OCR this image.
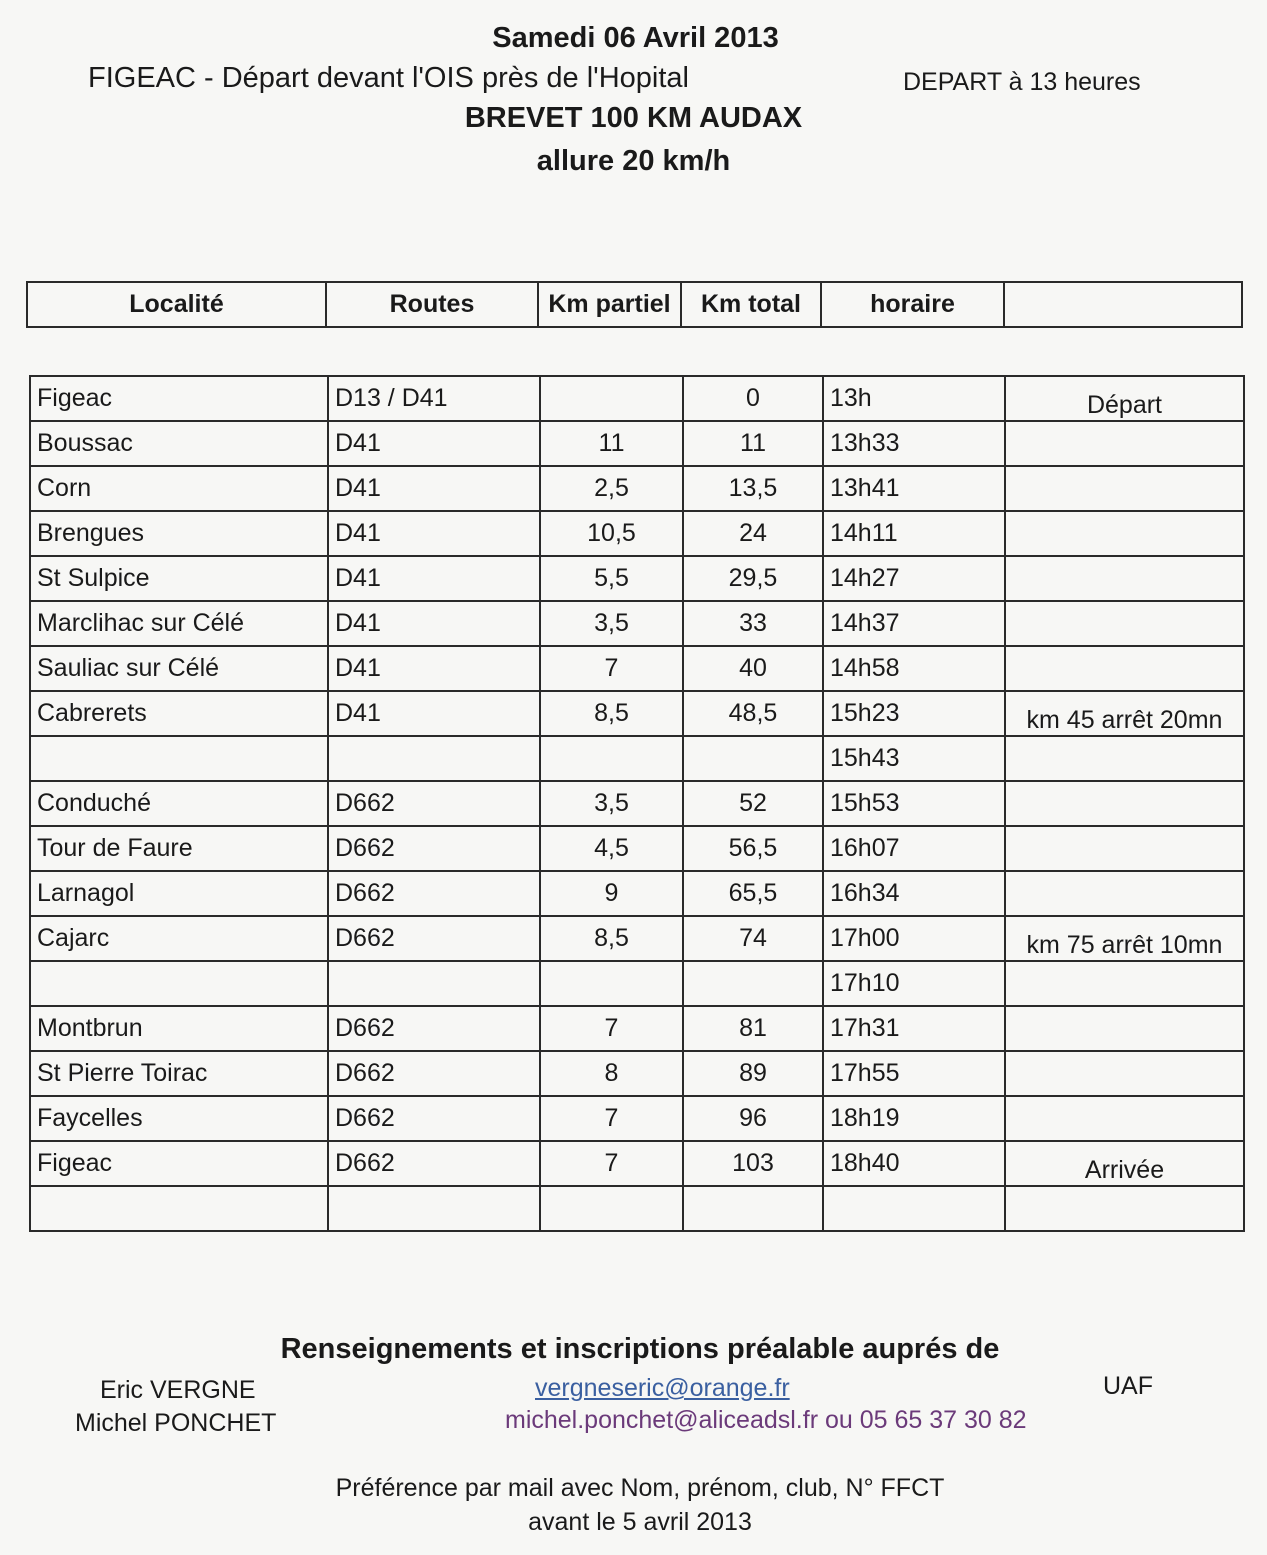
Samedi 06 Avril 2013
FIGEAC - Départ devant l'OIS près de l'Hopital	DEPART à 13 heures
BREVET 100 KM AUDAX
allure 20 km/h
Localité	Routes	Km partiel	Km total	horaire	
Figeac	D13 / D41		0	13h	Départ
Boussac	D41	11	11	13h33	
Corn	D41	2,5	13,5	13h41	
Brengues	D41	10,5	24	14h11	
St Sulpice	D41	5,5	29,5	14h27	
Marclihac sur Célé	D41	3,5	33	14h37	
Sauliac sur Célé	D41	7	40	14h58	
Cabrerets	D41	8,5	48,5	15h23	km 45 arrêt 20mn
				15h43	
Conduché	D662	3,5	52	15h53	
Tour de Faure	D662	4,5	56,5	16h07	
Larnagol	D662	9	65,5	16h34	
Cajarc	D662	8,5	74	17h00	km 75 arrêt 10mn
				17h10	
Montbrun	D662	7	81	17h31	
St Pierre Toirac	D662	8	89	17h55	
Faycelles	D662	7	96	18h19	
Figeac	D662	7	103	18h40	Arrivée

Renseignements et inscriptions préalable auprés de
Eric VERGNE
Michel PONCHET
vergneseric@orange.fr
michel.ponchet@aliceadsl.fr ou 05 65 37 30 82
UAF
Préférence par mail avec Nom, prénom, club, N° FFCT
avant le 5 avril 2013
